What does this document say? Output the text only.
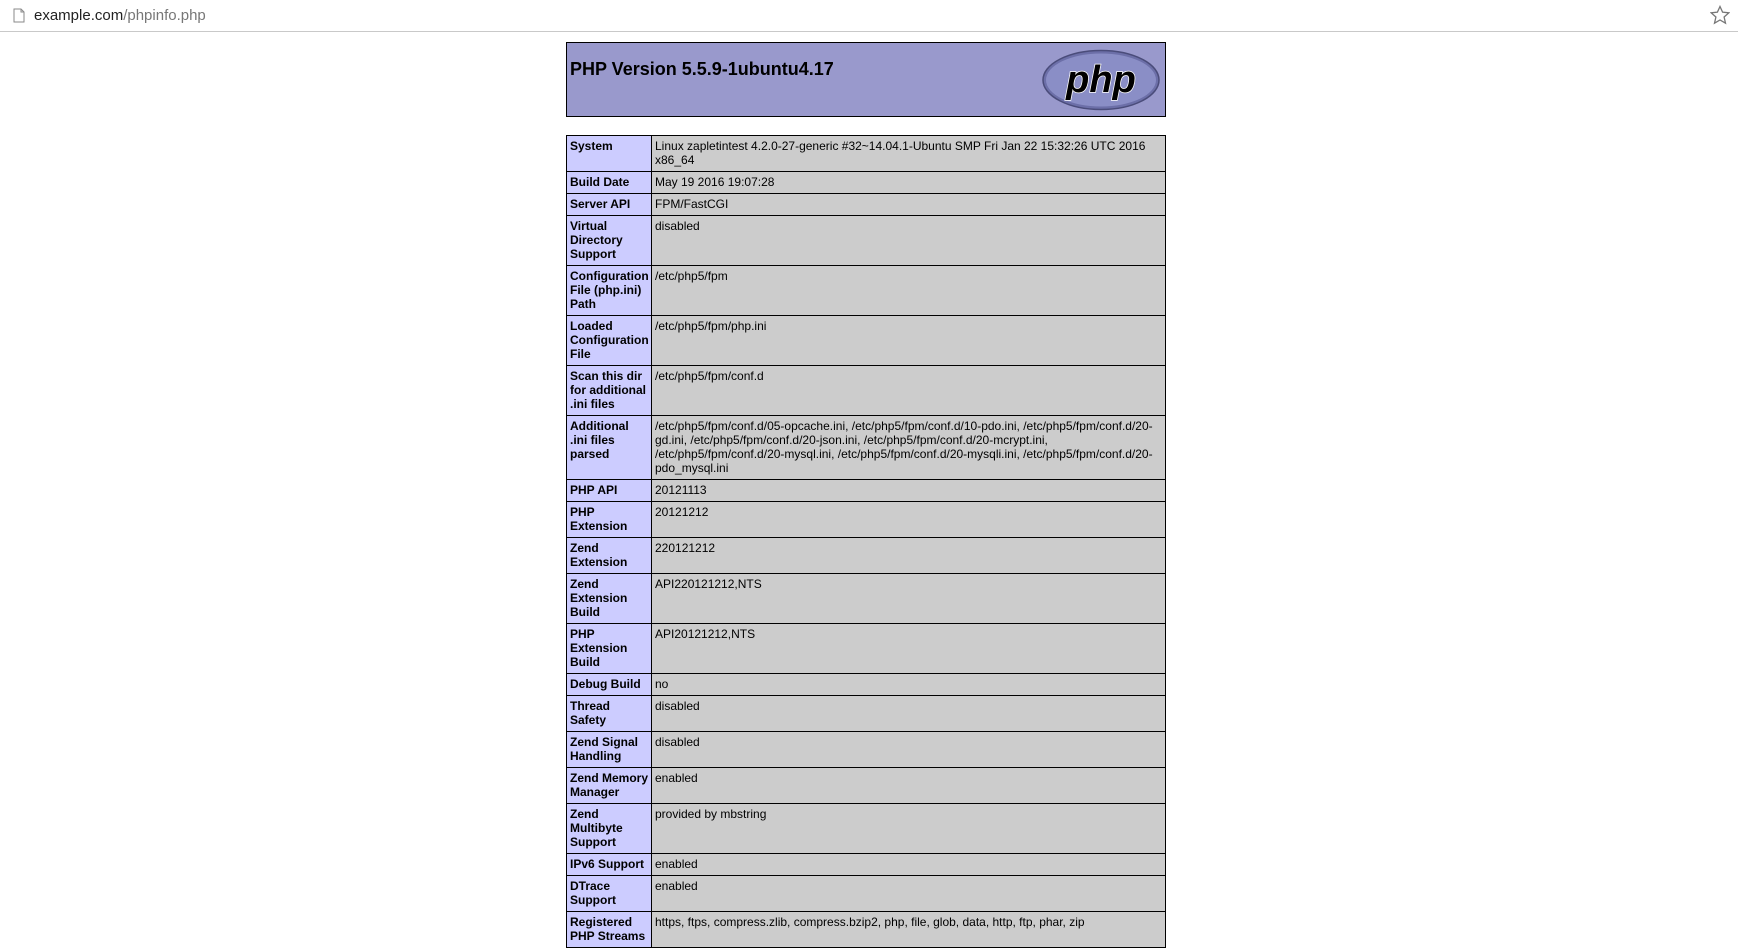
example.com/phpinfo.php
PHP Version 5.5.9-1ubuntu4.17	php
System	Linux zapletintest 4.2.0-27-generic #32~14.04.1-Ubuntu SMP Fri Jan 22 15:32:26 UTC 2016 x86_64
Build Date	May 19 2016 19:07:28
Server API	FPM/FastCGI
Virtual Directory Support	disabled
Configuration File (php.ini) Path	/etc/php5/fpm
Loaded Configuration File	/etc/php5/fpm/php.ini
Scan this dir for additional .ini files	/etc/php5/fpm/conf.d
Additional .ini files parsed	/etc/php5/fpm/conf.d/05-opcache.ini, /etc/php5/fpm/conf.d/10-pdo.ini, /etc/php5/fpm/conf.d/20-gd.ini, /etc/php5/fpm/conf.d/20-json.ini, /etc/php5/fpm/conf.d/20-mcrypt.ini, /etc/php5/fpm/conf.d/20-mysql.ini, /etc/php5/fpm/conf.d/20-mysqli.ini, /etc/php5/fpm/conf.d/20-pdo_mysql.ini
PHP API	20121113
PHP Extension	20121212
Zend Extension	220121212
Zend Extension Build	API220121212,NTS
PHP Extension Build	API20121212,NTS
Debug Build	no
Thread Safety	disabled
Zend Signal Handling	disabled
Zend Memory Manager	enabled
Zend Multibyte Support	provided by mbstring
IPv6 Support	enabled
DTrace Support	enabled
Registered PHP Streams	https, ftps, compress.zlib, compress.bzip2, php, file, glob, data, http, ftp, phar, zip
